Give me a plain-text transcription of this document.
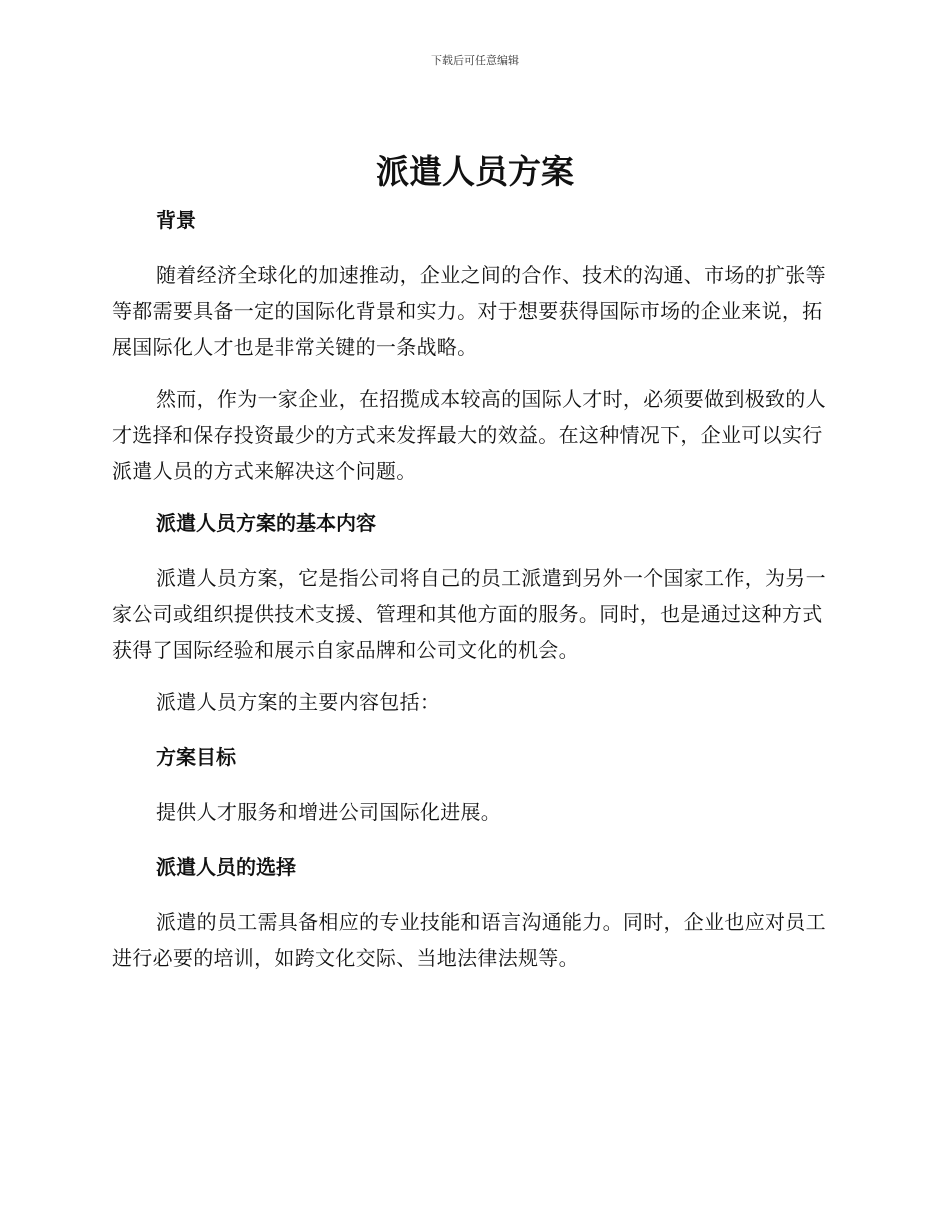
下载后可任意编辑
派遣人员方案
背景

随着经济全球化的加速推动，企业之间的合作、技术的沟通、市场的扩张等等都需要具备一定的国际化背景和实力。对于想要获得国际市场的企业来说，拓展国际化人才也是非常关键的一条战略。

然而，作为一家企业，在招揽成本较高的国际人才时，必须要做到极致的人才选择和保存投资最少的方式来发挥最大的效益。在这种情况下，企业可以实行派遣人员的方式来解决这个问题。

派遣人员方案的基本内容

派遣人员方案，它是指公司将自己的员工派遣到另外一个国家工作，为另一家公司或组织提供技术支援、管理和其他方面的服务。同时，也是通过这种方式获得了国际经验和展示自家品牌和公司文化的机会。

派遣人员方案的主要内容包括：

方案目标

提供人才服务和增进公司国际化进展。

派遣人员的选择

派遣的员工需具备相应的专业技能和语言沟通能力。同时，企业也应对员工进行必要的培训，如跨文化交际、当地法律法规等。
